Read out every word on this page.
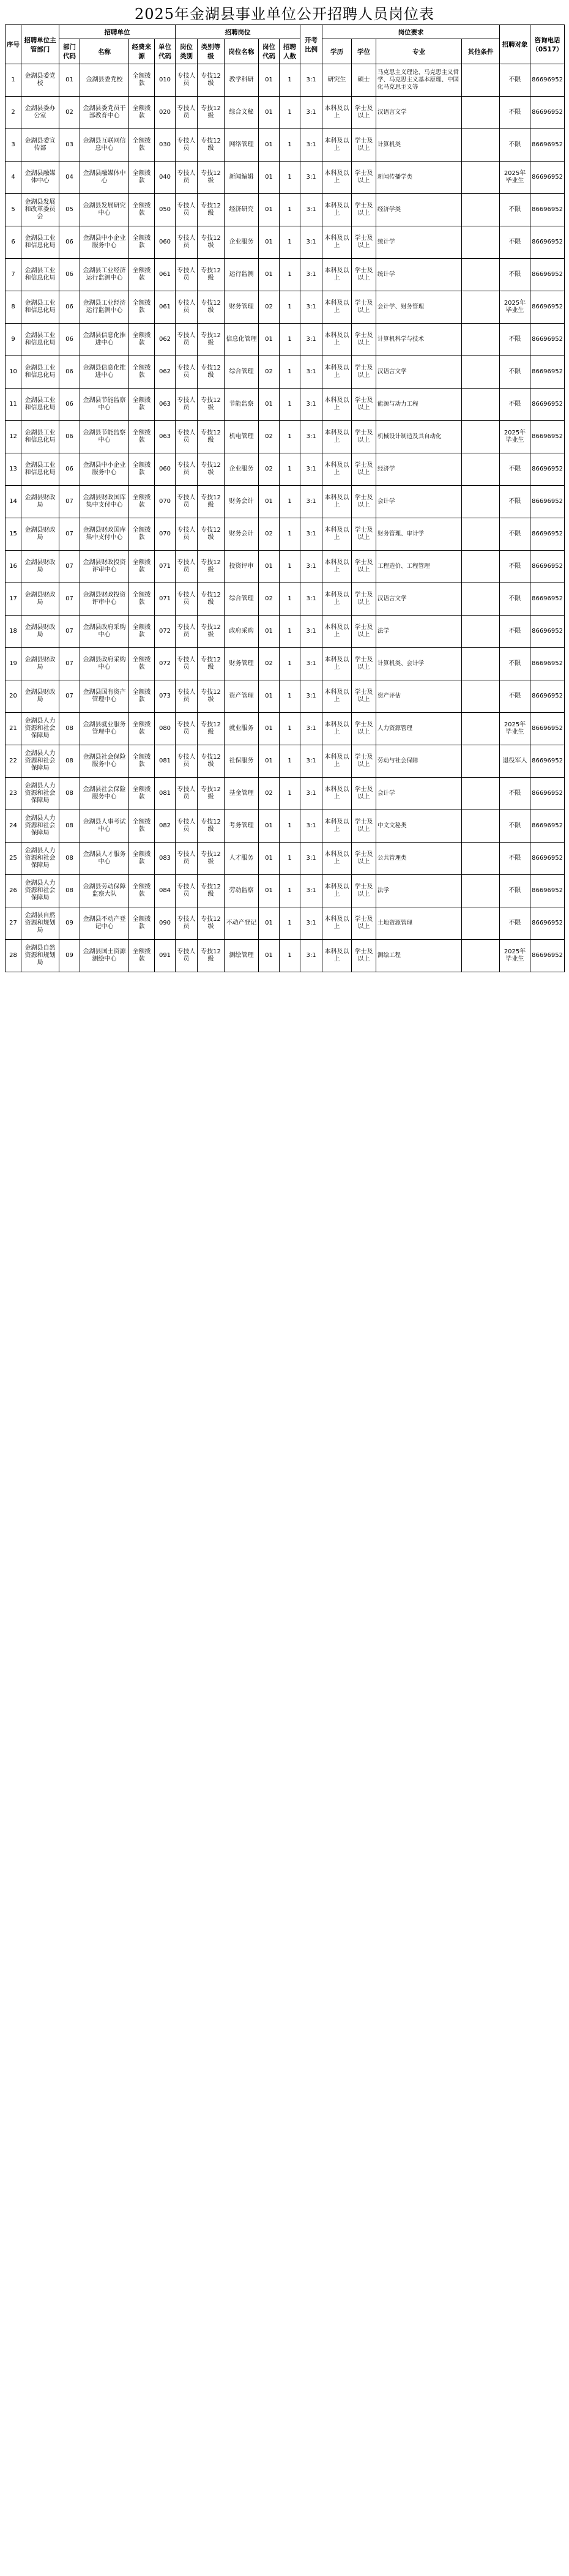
2025年金湖县事业单位公开招聘人员岗位表
序号	招聘单位主管部门	招聘单位				招聘岗位					开考比例	岗位要求				招聘对象	咨询电话（0517）
		部门代码	名称	经费来源	单位代码	岗位类别	类别等级	岗位名称	岗位代码	招聘人数		学历	学位	专业	其他条件		
1	金湖县委党校	01	金湖县委党校	全额拨款	010	专技人员	专技12级	教学科研	01	1	3:1	研究生	硕士	马克思主义理论、马克思主义哲学、马克思主义基本原理、中国化马克思主义等		不限	86696952
2	金湖县委办公室	02	金湖县委党员干部教育中心	全额拨款	020	专技人员	专技12级	综合文秘	01	1	3:1	本科及以上	学士及以上	汉语言文学		不限	86696952
3	金湖县委宣传部	03	金湖县互联网信息中心	全额拨款	030	专技人员	专技12级	网络管理	01	1	3:1	本科及以上	学士及以上	计算机类		不限	86696952
4	金湖县融媒体中心	04	金湖县融媒体中心	全额拨款	040	专技人员	专技12级	新闻编辑	01	1	3:1	本科及以上	学士及以上	新闻传播学类		2025年毕业生	86696952
5	金湖县发展和改革委员会	05	金湖县发展研究中心	全额拨款	050	专技人员	专技12级	经济研究	01	1	3:1	本科及以上	学士及以上	经济学类		不限	86696952
6	金湖县工业和信息化局	06	金湖县中小企业服务中心	全额拨款	060	专技人员	专技12级	企业服务	01	1	3:1	本科及以上	学士及以上	统计学		不限	86696952
7	金湖县工业和信息化局	06	金湖县工业经济运行监测中心	全额拨款	061	专技人员	专技12级	运行监测	01	1	3:1	本科及以上	学士及以上	统计学		不限	86696952
8	金湖县工业和信息化局	06	金湖县工业经济运行监测中心	全额拨款	061	专技人员	专技12级	财务管理	02	1	3:1	本科及以上	学士及以上	会计学、财务管理		2025年毕业生	86696952
9	金湖县工业和信息化局	06	金湖县信息化推进中心	全额拨款	062	专技人员	专技12级	信息化管理	01	1	3:1	本科及以上	学士及以上	计算机科学与技术		不限	86696952
10	金湖县工业和信息化局	06	金湖县信息化推进中心	全额拨款	062	专技人员	专技12级	综合管理	02	1	3:1	本科及以上	学士及以上	汉语言文学		不限	86696952
11	金湖县工业和信息化局	06	金湖县节能监察中心	全额拨款	063	专技人员	专技12级	节能监察	01	1	3:1	本科及以上	学士及以上	能源与动力工程		不限	86696952
12	金湖县工业和信息化局	06	金湖县节能监察中心	全额拨款	063	专技人员	专技12级	机电管理	02	1	3:1	本科及以上	学士及以上	机械设计制造及其自动化		2025年毕业生	86696952
13	金湖县工业和信息化局	06	金湖县中小企业服务中心	全额拨款	060	专技人员	专技12级	企业服务	02	1	3:1	本科及以上	学士及以上	经济学		不限	86696952
14	金湖县财政局	07	金湖县财政国库集中支付中心	全额拨款	070	专技人员	专技12级	财务会计	01	1	3:1	本科及以上	学士及以上	会计学		不限	86696952
15	金湖县财政局	07	金湖县财政国库集中支付中心	全额拨款	070	专技人员	专技12级	财务会计	02	1	3:1	本科及以上	学士及以上	财务管理、审计学		不限	86696952
16	金湖县财政局	07	金湖县财政投资评审中心	全额拨款	071	专技人员	专技12级	投资评审	01	1	3:1	本科及以上	学士及以上	工程造价、工程管理		不限	86696952
17	金湖县财政局	07	金湖县财政投资评审中心	全额拨款	071	专技人员	专技12级	综合管理	02	1	3:1	本科及以上	学士及以上	汉语言文学		不限	86696952
18	金湖县财政局	07	金湖县政府采购中心	全额拨款	072	专技人员	专技12级	政府采购	01	1	3:1	本科及以上	学士及以上	法学		不限	86696952
19	金湖县财政局	07	金湖县政府采购中心	全额拨款	072	专技人员	专技12级	财务管理	02	1	3:1	本科及以上	学士及以上	计算机类、会计学		不限	86696952
20	金湖县财政局	07	金湖县国有资产管理中心	全额拨款	073	专技人员	专技12级	资产管理	01	1	3:1	本科及以上	学士及以上	资产评估		不限	86696952
21	金湖县人力资源和社会保障局	08	金湖县就业服务管理中心	全额拨款	080	专技人员	专技12级	就业服务	01	1	3:1	本科及以上	学士及以上	人力资源管理		2025年毕业生	86696952
22	金湖县人力资源和社会保障局	08	金湖县社会保险服务中心	全额拨款	081	专技人员	专技12级	社保服务	01	1	3:1	本科及以上	学士及以上	劳动与社会保障		退役军人	86696952
23	金湖县人力资源和社会保障局	08	金湖县社会保险服务中心	全额拨款	081	专技人员	专技12级	基金管理	02	1	3:1	本科及以上	学士及以上	会计学		不限	86696952
24	金湖县人力资源和社会保障局	08	金湖县人事考试中心	全额拨款	082	专技人员	专技12级	考务管理	01	1	3:1	本科及以上	学士及以上	中文文秘类		不限	86696952
25	金湖县人力资源和社会保障局	08	金湖县人才服务中心	全额拨款	083	专技人员	专技12级	人才服务	01	1	3:1	本科及以上	学士及以上	公共管理类		不限	86696952
26	金湖县人力资源和社会保障局	08	金湖县劳动保障监察大队	全额拨款	084	专技人员	专技12级	劳动监察	01	1	3:1	本科及以上	学士及以上	法学		不限	86696952
27	金湖县自然资源和规划局	09	金湖县不动产登记中心	全额拨款	090	专技人员	专技12级	不动产登记	01	1	3:1	本科及以上	学士及以上	土地资源管理		不限	86696952
28	金湖县自然资源和规划局	09	金湖县国土资源测绘中心	全额拨款	091	专技人员	专技12级	测绘管理	01	1	3:1	本科及以上	学士及以上	测绘工程		2025年毕业生	86696952
